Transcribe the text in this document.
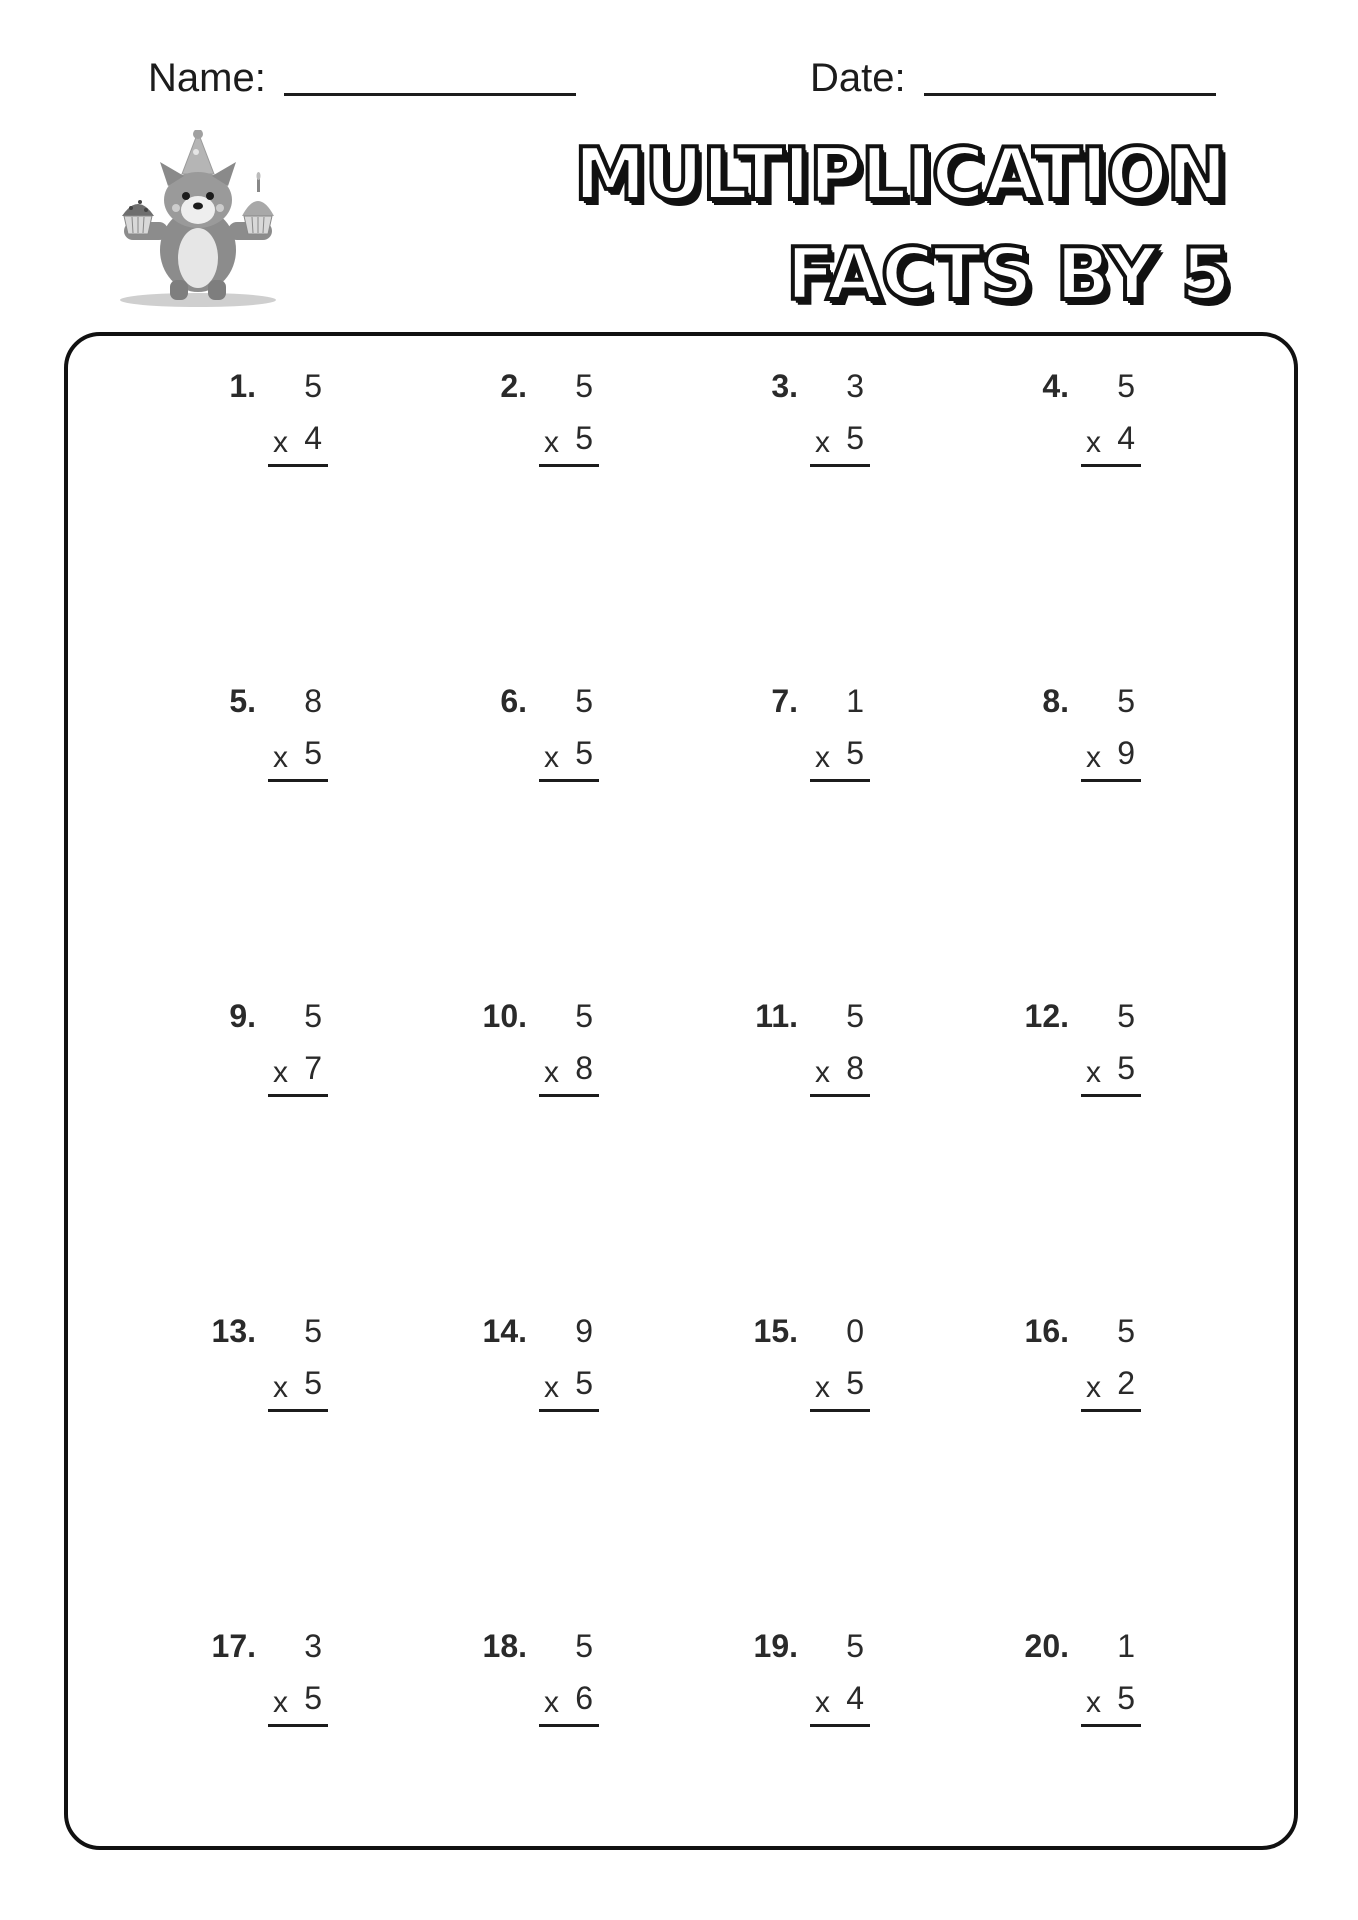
Name:	Date:
MULTIPLICATION
FACTS BY 5
1. 5
x 4
2. 5
x 5
3. 3
x 5
4. 5
x 4
5. 8
x 5
6. 5
x 5
7. 1
x 5
8. 5
x 9
9. 5
x 7
10. 5
x 8
11. 5
x 8
12. 5
x 5
13. 5
x 5
14. 9
x 5
15. 0
x 5
16. 5
x 2
17. 3
x 5
18. 5
x 6
19. 5
x 4
20. 1
x 5
